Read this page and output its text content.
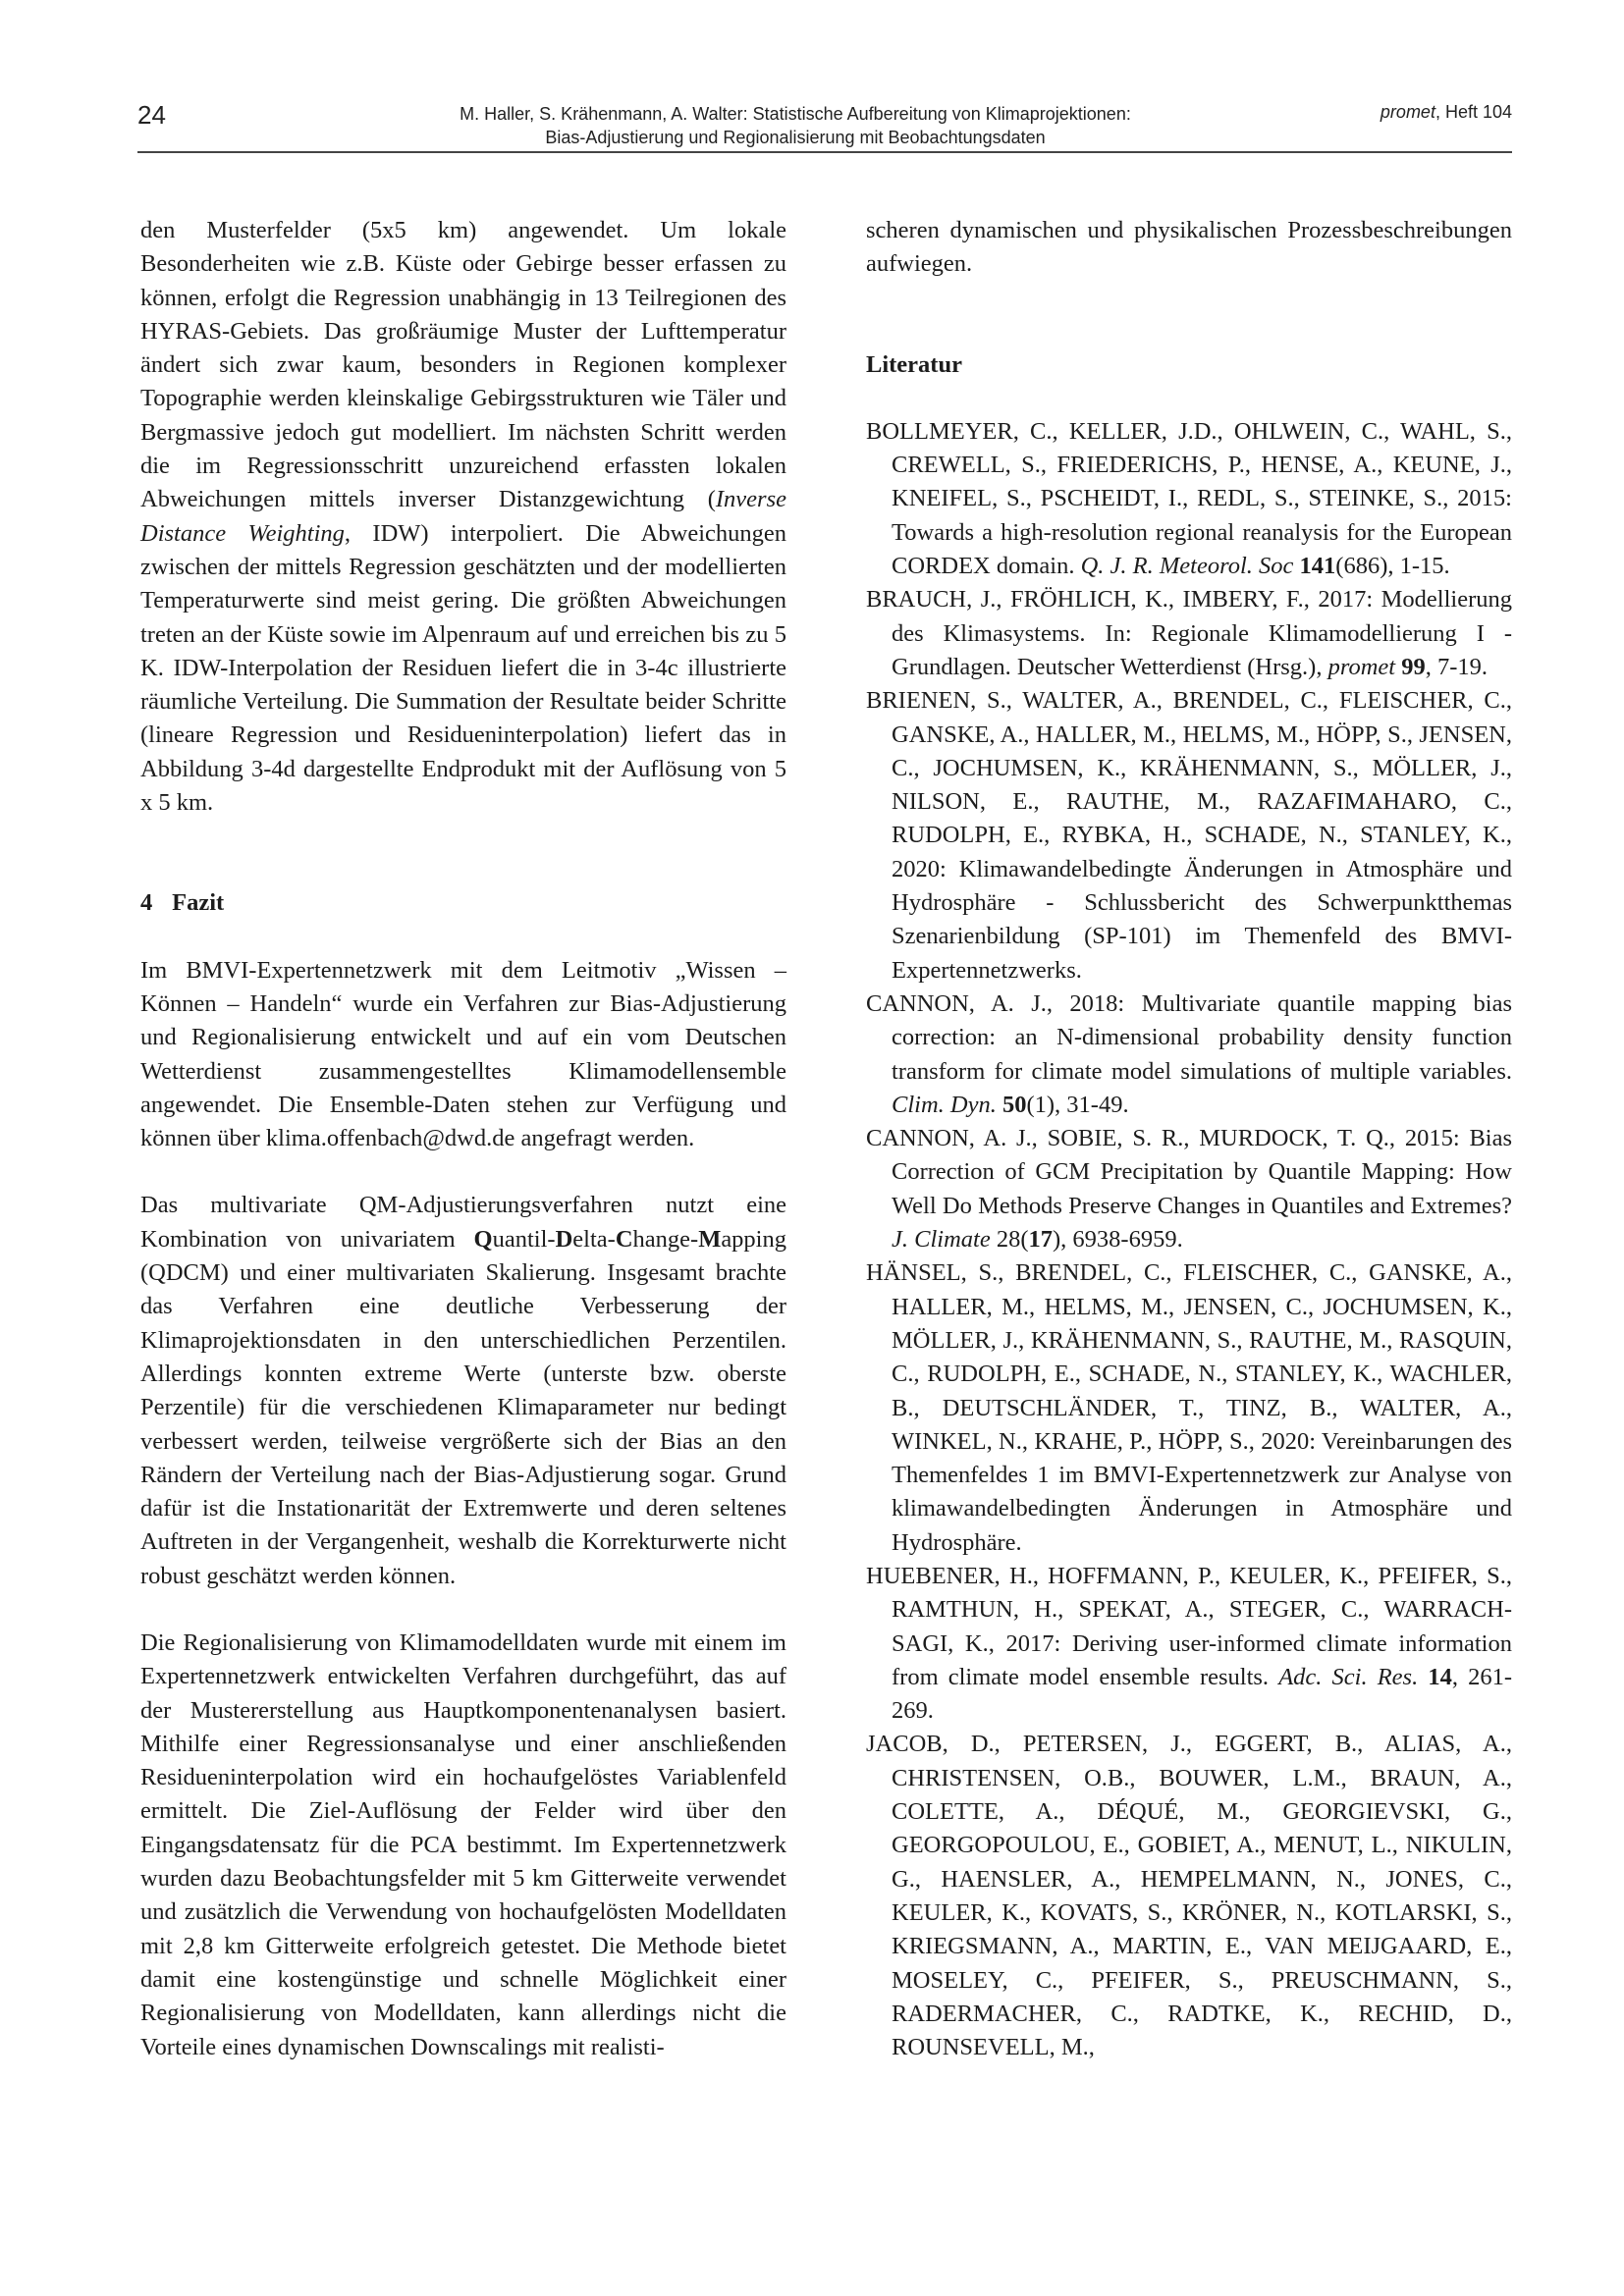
24	M. Haller, S. Krähenmann, A. Walter: Statistische Aufbereitung von Klimaprojektionen:
Bias-Adjustierung und Regionalisierung mit Beobachtungsdaten
promet, Heft 104

den Musterfelder (5x5 km) angewendet. Um lokale Besonderheiten wie z.B. Küste oder Gebirge besser erfassen zu können, erfolgt die Regression unabhängig in 13 Teilregionen des HYRAS-Gebiets. Das großräumige Muster der Lufttemperatur ändert sich zwar kaum, besonders in Regionen komplexer Topographie werden kleinskalige Gebirgsstrukturen wie Täler und Bergmassive jedoch gut modelliert. Im nächsten Schritt werden die im Regressionsschritt unzureichend erfassten lokalen Abweichungen mittels inverser Distanzgewichtung (Inverse Distance Weighting, IDW) interpoliert. Die Abweichungen zwischen der mittels Regression geschätzten und der modellierten Temperaturwerte sind meist gering. Die größten Abweichungen treten an der Küste sowie im Alpenraum auf und erreichen bis zu 5 K. IDW-Interpolation der Residuen liefert die in 3-4c illustrierte räumliche Verteilung. Die Summation der Resultate beider Schritte (lineare Regression und Residueninterpolation) liefert das in Abbildung 3-4d dargestellte Endprodukt mit der Auflösung von 5 x 5 km.

4 Fazit

Im BMVI-Expertennetzwerk mit dem Leitmotiv „Wissen – Können – Handeln“ wurde ein Verfahren zur Bias-Adjustierung und Regionalisierung entwickelt und auf ein vom Deutschen Wetterdienst zusammengestelltes Klimamodellensemble angewendet. Die Ensemble-Daten stehen zur Verfügung und können über klima.offenbach@dwd.de angefragt werden.

Das multivariate QM-Adjustierungsverfahren nutzt eine Kombination von univariatem Quantil-Delta-Change-Mapping (QDCM) und einer multivariaten Skalierung. Insgesamt brachte das Verfahren eine deutliche Verbesserung der Klimaprojektionsdaten in den unterschiedlichen Perzentilen. Allerdings konnten extreme Werte (unterste bzw. oberste Perzentile) für die verschiedenen Klimaparameter nur bedingt verbessert werden, teilweise vergrößerte sich der Bias an den Rändern der Verteilung nach der Bias-Adjustierung sogar. Grund dafür ist die Instationarität der Extremwerte und deren seltenes Auftreten in der Vergangenheit, weshalb die Korrekturwerte nicht robust geschätzt werden können.

Die Regionalisierung von Klimamodelldaten wurde mit einem im Expertennetzwerk entwickelten Verfahren durchgeführt, das auf der Mustererstellung aus Hauptkomponentenanalysen basiert. Mithilfe einer Regressionsanalyse und einer anschließenden Residueninterpolation wird ein hochaufgelöstes Variablenfeld ermittelt. Die Ziel-Auflösung der Felder wird über den Eingangsdatensatz für die PCA bestimmt. Im Expertennetzwerk wurden dazu Beobachtungsfelder mit 5 km Gitterweite verwendet und zusätzlich die Verwendung von hochaufgelösten Modelldaten mit 2,8 km Gitterweite erfolgreich getestet. Die Methode bietet damit eine kostengünstige und schnelle Möglichkeit einer Regionalisierung von Modelldaten, kann allerdings nicht die Vorteile eines dynamischen Downscalings mit realisti-

scheren dynamischen und physikalischen Prozessbeschreibungen aufwiegen.

Literatur

BOLLMEYER, C., KELLER, J.D., OHLWEIN, C., WAHL, S., CREWELL, S., FRIEDERICHS, P., HENSE, A., KEUNE, J., KNEIFEL, S., PSCHEIDT, I., REDL, S., STEINKE, S., 2015: Towards a high-resolution regional reanalysis for the European CORDEX domain. Q. J. R. Meteorol. Soc 141(686), 1-15.

BRAUCH, J., FRÖHLICH, K., IMBERY, F., 2017: Modellierung des Klimasystems. In: Regionale Klimamodellierung I - Grundlagen. Deutscher Wetterdienst (Hrsg.), promet 99, 7-19.

BRIENEN, S., WALTER, A., BRENDEL, C., FLEISCHER, C., GANSKE, A., HALLER, M., HELMS, M., HÖPP, S., JENSEN, C., JOCHUMSEN, K., KRÄHENMANN, S., MÖLLER, J., NILSON, E., RAUTHE, M., RAZAFIMAHARO, C., RUDOLPH, E., RYBKA, H., SCHADE, N., STANLEY, K., 2020: Klimawandelbedingte Änderungen in Atmosphäre und Hydrosphäre - Schlussbericht des Schwerpunktthemas Szenarienbildung (SP-101) im Themenfeld des BMVI-Expertennetzwerks.

CANNON, A. J., 2018: Multivariate quantile mapping bias correction: an N-dimensional probability density function transform for climate model simulations of multiple variables. Clim. Dyn. 50(1), 31-49.

CANNON, A. J., SOBIE, S. R., MURDOCK, T. Q., 2015: Bias Correction of GCM Precipitation by Quantile Mapping: How Well Do Methods Preserve Changes in Quantiles and Extremes? J. Climate 28(17), 6938-6959.

HÄNSEL, S., BRENDEL, C., FLEISCHER, C., GANSKE, A., HALLER, M., HELMS, M., JENSEN, C., JOCHUMSEN, K., MÖLLER, J., KRÄHENMANN, S., RAUTHE, M., RASQUIN, C., RUDOLPH, E., SCHADE, N., STANLEY, K., WACHLER, B., DEUTSCHLÄNDER, T., TINZ, B., WALTER, A., WINKEL, N., KRAHE, P., HÖPP, S., 2020: Vereinbarungen des Themenfeldes 1 im BMVI-Expertennetzwerk zur Analyse von klimawandelbedingten Änderungen in Atmosphäre und Hydrosphäre.

HUEBENER, H., HOFFMANN, P., KEULER, K., PFEIFER, S., RAMTHUN, H., SPEKAT, A., STEGER, C., WARRACH-SAGI, K., 2017: Deriving user-informed climate information from climate model ensemble results. Adc. Sci. Res. 14, 261-269.

JACOB, D., PETERSEN, J., EGGERT, B., ALIAS, A., CHRISTENSEN, O.B., BOUWER, L.M., BRAUN, A., COLETTE, A., DÉQUÉ, M., GEORGIEVSKI, G., GEORGOPOULOU, E., GOBIET, A., MENUT, L., NIKULIN, G., HAENSLER, A., HEMPELMANN, N., JONES, C., KEULER, K., KOVATS, S., KRÖNER, N., KOTLARSKI, S., KRIEGSMANN, A., MARTIN, E., VAN MEIJGAARD, E., MOSELEY, C., PFEIFER, S., PREUSCHMANN, S., RADERMACHER, C., RADTKE, K., RECHID, D., ROUNSEVELL, M.,
